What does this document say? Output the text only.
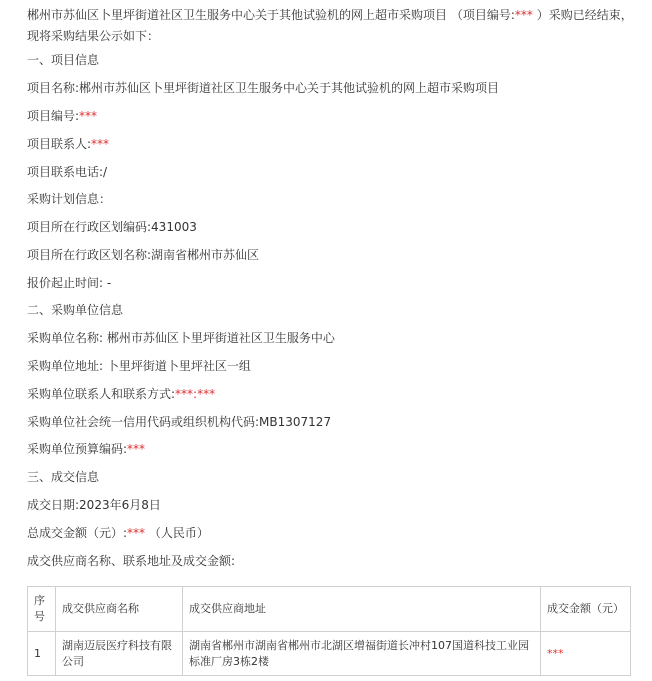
郴州市苏仙区卜里坪街道社区卫生服务中心关于其他试验机的网上超市采购项目 （项目编号:*** ）采购已经结束，现将采购结果公示如下：
一、项目信息
项目名称:郴州市苏仙区卜里坪街道社区卫生服务中心关于其他试验机的网上超市采购项目
项目编号:***
项目联系人:***
项目联系电话:/
采购计划信息：
项目所在行政区划编码:431003
项目所在行政区划名称:湖南省郴州市苏仙区
报价起止时间: -
二、采购单位信息
采购单位名称: 郴州市苏仙区卜里坪街道社区卫生服务中心
采购单位地址: 卜里坪街道卜里坪社区一组
采购单位联系人和联系方式:***:***
采购单位社会统一信用代码或组织机构代码:MB1307127
采购单位预算编码:***
三、成交信息
成交日期:2023年6月8日
总成交金额（元）:*** （人民币）
成交供应商名称、联系地址及成交金额:
序号	成交供应商名称	成交供应商地址	成交金额（元）
1	湖南迈辰医疗科技有限公司	湖南省郴州市湖南省郴州市北湖区增福街道长冲村107国道科技工业园标准厂房3栋2楼	***
